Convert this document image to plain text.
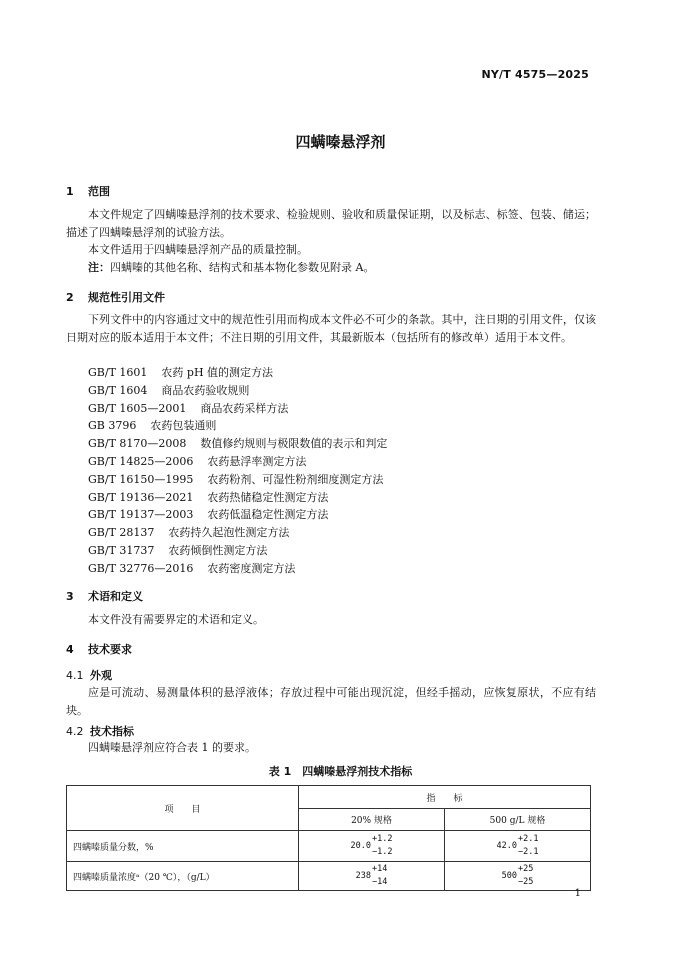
NY/T 4575—2025
四螨嗪悬浮剂
1 范围
本文件规定了四螨嗪悬浮剂的技术要求、检验规则、验收和质量保证期，以及标志、标签、包装、储运；描述了四螨嗪悬浮剂的试验方法。
本文件适用于四螨嗪悬浮剂产品的质量控制。
注：四螨嗪的其他名称、结构式和基本物化参数见附录 A。
2 规范性引用文件
下列文件中的内容通过文中的规范性引用而构成本文件必不可少的条款。其中，注日期的引用文件，仅该日期对应的版本适用于本文件；不注日期的引用文件，其最新版本（包括所有的修改单）适用于本文件。
GB/T 1601 农药 pH 值的测定方法
GB/T 1604 商品农药验收规则
GB/T 1605—2001 商品农药采样方法
GB 3796 农药包装通则
GB/T 8170—2008 数值修约规则与极限数值的表示和判定
GB/T 14825—2006 农药悬浮率测定方法
GB/T 16150—1995 农药粉剂、可湿性粉剂细度测定方法
GB/T 19136—2021 农药热储稳定性测定方法
GB/T 19137—2003 农药低温稳定性测定方法
GB/T 28137 农药持久起泡性测定方法
GB/T 31737 农药倾倒性测定方法
GB/T 32776—2016 农药密度测定方法
3 术语和定义
本文件没有需要界定的术语和定义。
4 技术要求
4.1 外观
应是可流动、易测量体积的悬浮液体；存放过程中可能出现沉淀，但经手摇动，应恢复原状，不应有结块。
4.2 技术指标
四螨嗪悬浮剂应符合表 1 的要求。
表 1　四螨嗪悬浮剂技术指标
项　　目	指　　标	
	20% 规格	500 g/L 规格
四螨嗪质量分数，%	20.0
+1.2
−1.2	42.0
+2.1
−2.1

四螨嗪质量浓度ᵃ（20 ℃），（g/L）	238
+14
−14	500
+25
−25
1
